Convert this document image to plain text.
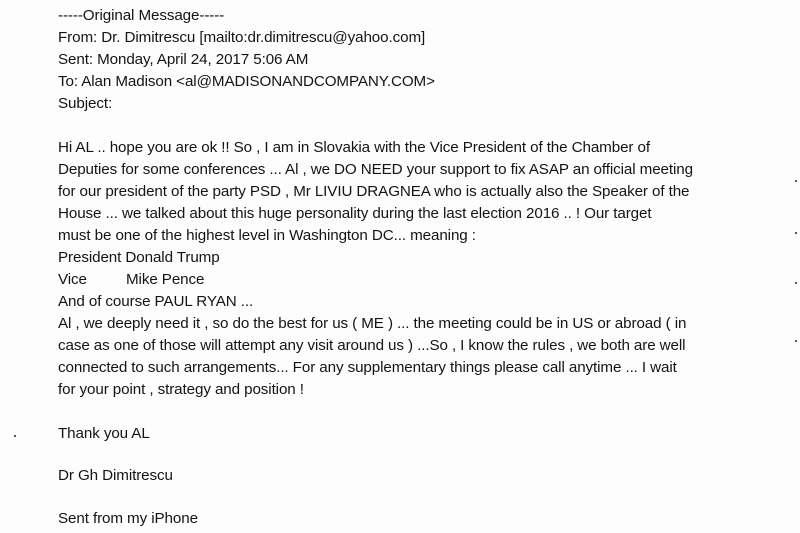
-----Original Message-----
From: Dr. Dimitrescu [mailto:dr.dimitrescu@yahoo.com]
Sent: Monday, April 24, 2017 5:06 AM
To: Alan Madison <al@MADISONANDCOMPANY.COM>
Subject:
Hi AL .. hope you are ok !! So , I am in Slovakia with the Vice President of the Chamber of
Deputies for some conferences ... Al , we DO NEED your support to fix ASAP an official meeting
for our president of the party PSD , Mr LIVIU DRAGNEA who is actually also the Speaker of the
House ... we talked about this huge personality during the last election 2016 .. ! Our target
must be one of the highest level in Washington DC... meaning :
President Donald Trump
Vice	Mike Pence
And of course PAUL RYAN ...
Al , we deeply need it , so do the best for us ( ME ) ... the meeting could be in US or abroad ( in
case as one of those will attempt any visit around us ) ...So , I know the rules , we both are well
connected to such arrangements... For any supplementary things please call anytime ... I wait
for your point , strategy and position !
Thank you AL
Dr Gh Dimitrescu
Sent from my iPhone
